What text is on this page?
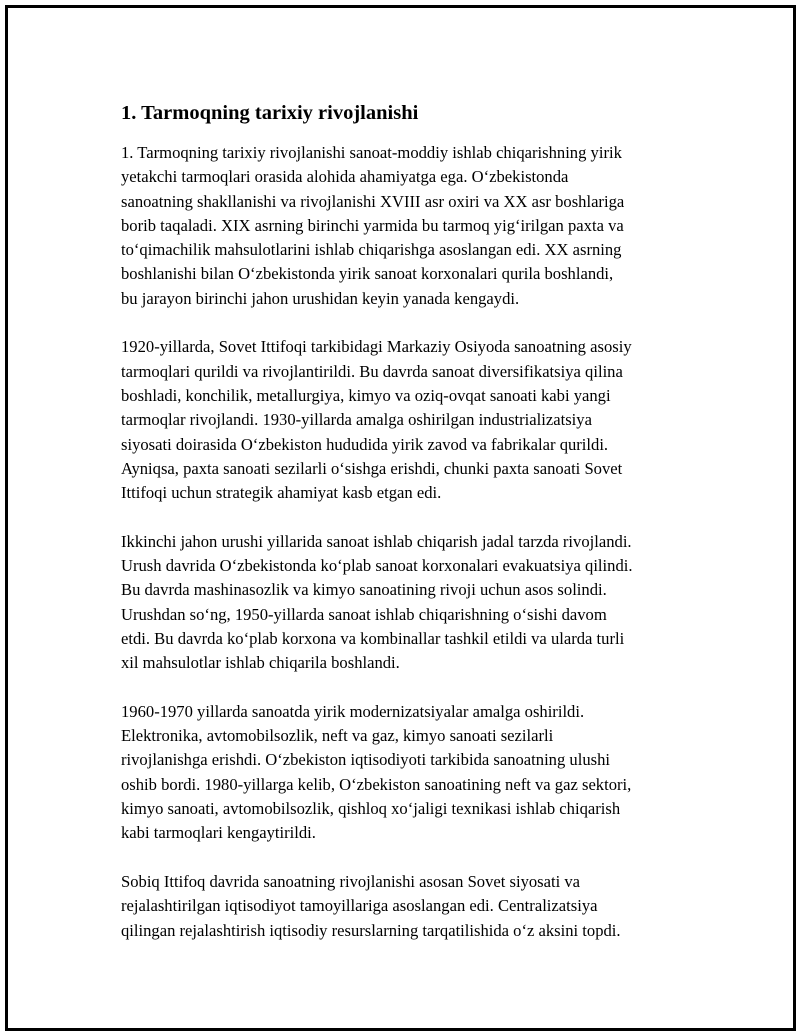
1. Tarmoqning tarixiy rivojlanishi

1. Tarmoqning tarixiy rivojlanishi sanoat-moddiy ishlab chiqarishning yirik
yetakchi tarmoqlari orasida alohida ahamiyatga ega. O‘zbekistonda
sanoatning shakllanishi va rivojlanishi XVIII asr oxiri va XX asr boshlariga
borib taqaladi. XIX asrning birinchi yarmida bu tarmoq yig‘irilgan paxta va
to‘qimachilik mahsulotlarini ishlab chiqarishga asoslangan edi. XX asrning
boshlanishi bilan O‘zbekistonda yirik sanoat korxonalari qurila boshlandi,
bu jarayon birinchi jahon urushidan keyin yanada kengaydi.

1920-yillarda, Sovet Ittifoqi tarkibidagi Markaziy Osiyoda sanoatning asosiy
tarmoqlari qurildi va rivojlantirildi. Bu davrda sanoat diversifikatsiya qilina
boshladi, konchilik, metallurgiya, kimyo va oziq-ovqat sanoati kabi yangi
tarmoqlar rivojlandi. 1930-yillarda amalga oshirilgan industrializatsiya
siyosati doirasida O‘zbekiston hududida yirik zavod va fabrikalar qurildi.
Ayniqsa, paxta sanoati sezilarli o‘sishga erishdi, chunki paxta sanoati Sovet
Ittifoqi uchun strategik ahamiyat kasb etgan edi.

Ikkinchi jahon urushi yillarida sanoat ishlab chiqarish jadal tarzda rivojlandi.
Urush davrida O‘zbekistonda ko‘plab sanoat korxonalari evakuatsiya qilindi.
Bu davrda mashinasozlik va kimyo sanoatining rivoji uchun asos solindi.
Urushdan so‘ng, 1950-yillarda sanoat ishlab chiqarishning o‘sishi davom
etdi. Bu davrda ko‘plab korxona va kombinallar tashkil etildi va ularda turli
xil mahsulotlar ishlab chiqarila boshlandi.

1960-1970 yillarda sanoatda yirik modernizatsiyalar amalga oshirildi.
Elektronika, avtomobilsozlik, neft va gaz, kimyo sanoati sezilarli
rivojlanishga erishdi. O‘zbekiston iqtisodiyoti tarkibida sanoatning ulushi
oshib bordi. 1980-yillarga kelib, O‘zbekiston sanoatining neft va gaz sektori,
kimyo sanoati, avtomobilsozlik, qishloq xo‘jaligi texnikasi ishlab chiqarish
kabi tarmoqlari kengaytirildi.

Sobiq Ittifoq davrida sanoatning rivojlanishi asosan Sovet siyosati va
rejalashtirilgan iqtisodiyot tamoyillariga asoslangan edi. Centralizatsiya
qilingan rejalashtirish iqtisodiy resurslarning tarqatilishida o‘z aksini topdi.
